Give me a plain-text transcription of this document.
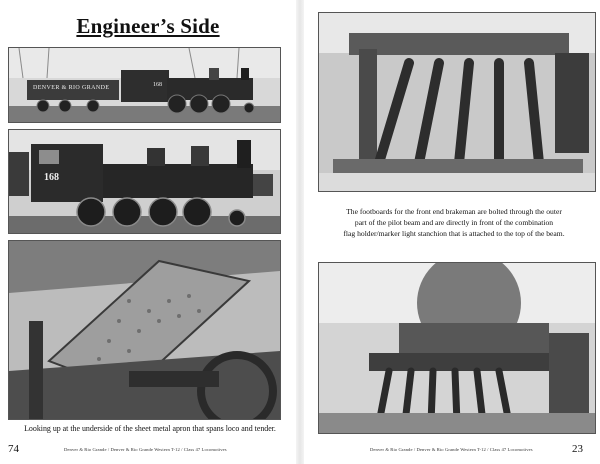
Engineer’s Side
DENVER & RIO GRANDE	168
168
Looking up at the underside of the sheet metal apron that spans loco and tender.
74	Denver & Rio Grande / Denver & Rio Grande Western T-12 / Class 47 Locomotives
The footboards for the front end brakeman are bolted through the outer
part of the pilot beam and are directly in front of the combination
flag holder/marker light stanchion that is attached to the top of the beam.
23
Denver & Rio Grande / Denver & Rio Grande Western T-12 / Class 47 Locomotives
